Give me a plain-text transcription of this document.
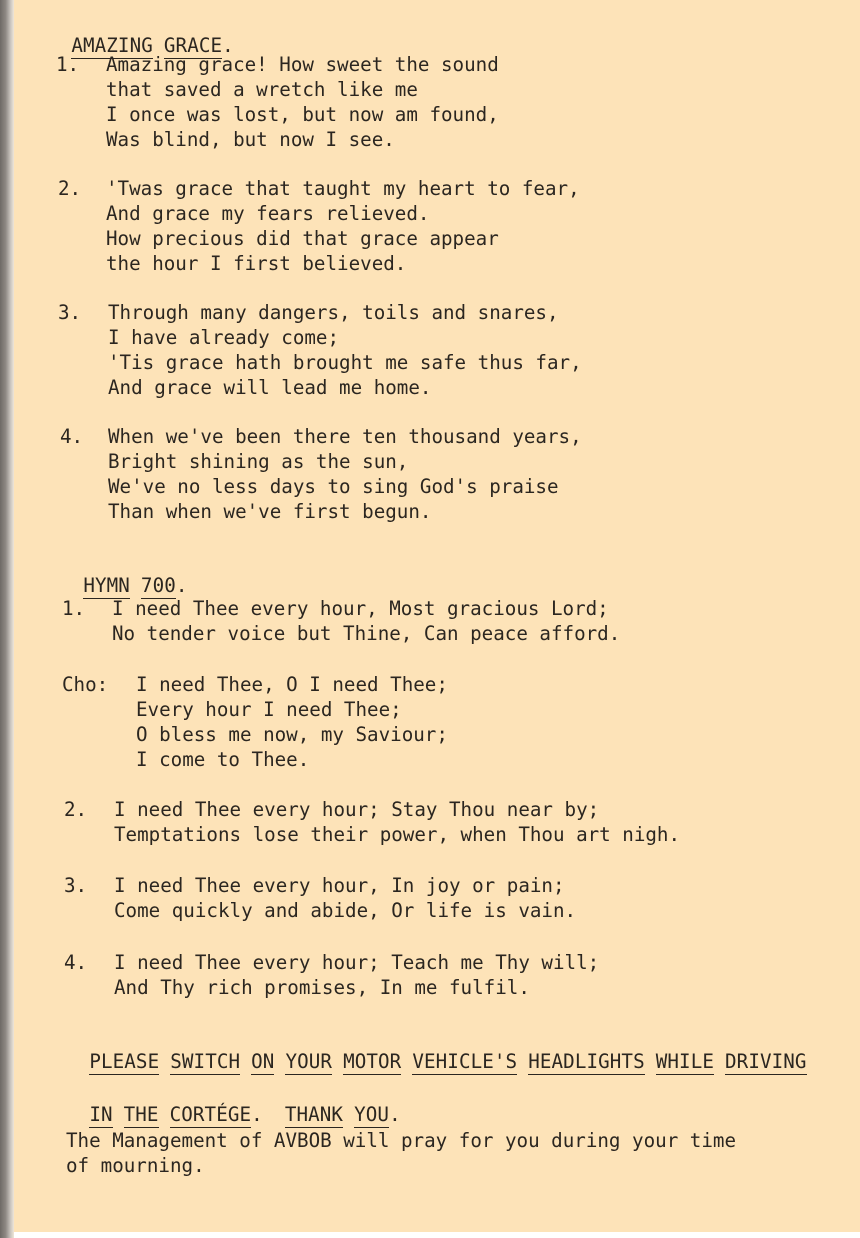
AMAZING GRACE.

1. Amazing grace! How sweet the sound
that saved a wretch like me
I once was lost, but now am found,
Was blind, but now I see.
2. 'Twas grace that taught my heart to fear,
And grace my fears relieved.
How precious did that grace appear
the hour I first believed.
3. Through many dangers, toils and snares,
I have already come;
'Tis grace hath brought me safe thus far,
And grace will lead me home.
4. When we've been there ten thousand years,
Bright shining as the sun,
We've no less days to sing God's praise
Than when we've first begun.

HYMN 700.

1. I need Thee every hour, Most gracious Lord;
No tender voice but Thine, Can peace afford.
Cho: I need Thee, O I need Thee;
Every hour I need Thee;
O bless me now, my Saviour;
I come to Thee.
2. I need Thee every hour; Stay Thou near by;
Temptations lose their power, when Thou art nigh.
3. I need Thee every hour, In joy or pain;
Come quickly and abide, Or life is vain.
4. I need Thee every hour; Teach me Thy will;
And Thy rich promises, In me fulfil.

PLEASE SWITCH ON YOUR MOTOR VEHICLE'S HEADLIGHTS WHILE DRIVING

IN THE CORTÉGE. THANK YOU.

The Management of AVBOB will pray for you during your time
of mourning.
